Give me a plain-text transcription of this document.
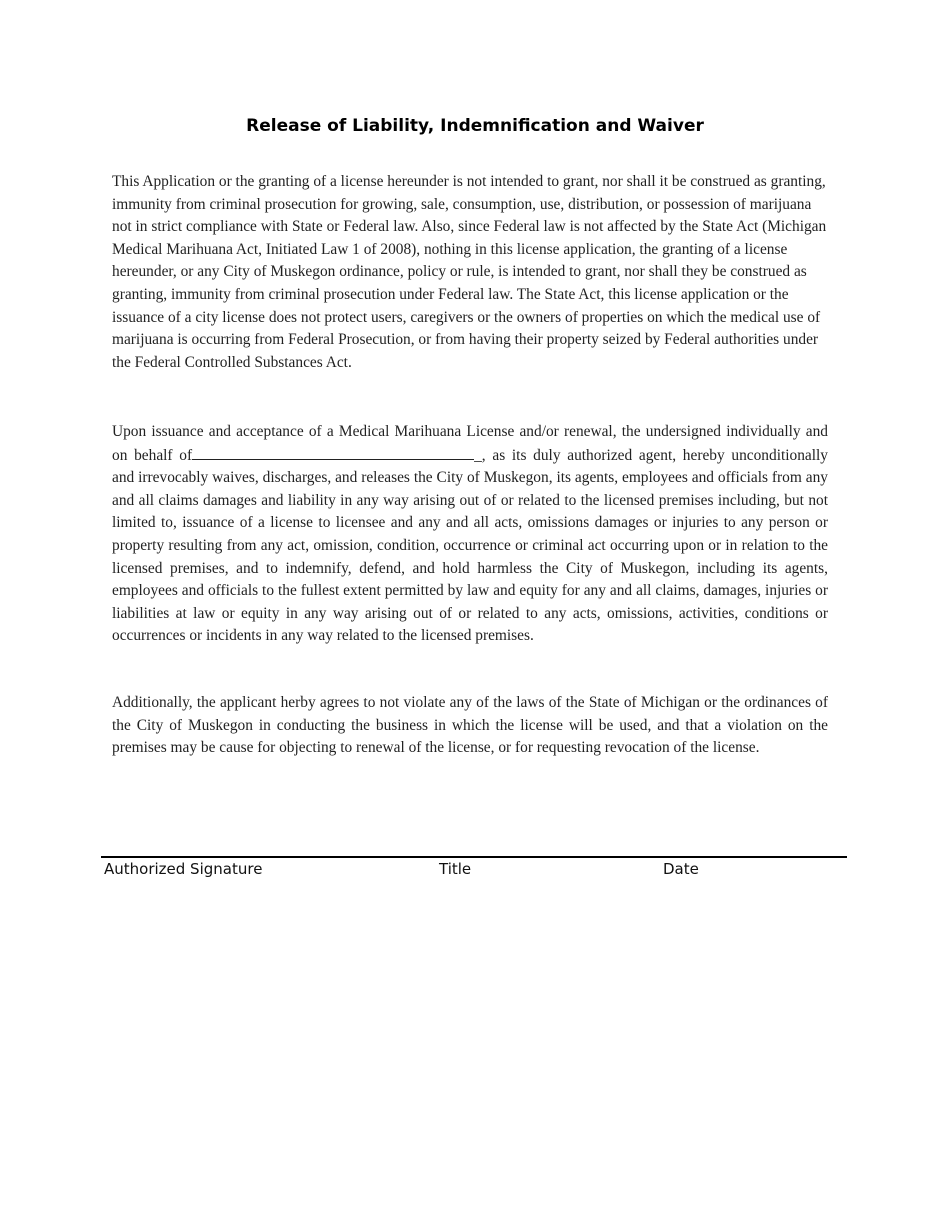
Release of Liability, Indemnification and Waiver

This Application or the granting of a license hereunder is not intended to grant, nor shall it be construed as granting, immunity from criminal prosecution for growing, sale, consumption, use, distribution, or possession of marijuana not in strict compliance with State or Federal law. Also, since Federal law is not affected by the State Act (Michigan Medical Marihuana Act, Initiated Law 1 of 2008), nothing in this license application, the granting of a license hereunder, or any City of Muskegon ordinance, policy or rule, is intended to grant, nor shall they be construed as granting, immunity from criminal prosecution under Federal law. The State Act, this license application or the issuance of a city license does not protect users, caregivers or the owners of properties on which the medical use of marijuana is occurring from Federal Prosecution, or from having their property seized by Federal authorities under the Federal Controlled Substances Act.

Upon issuance and acceptance of a Medical Marihuana License and/or renewal, the undersigned individually and on behalf of	_, as its duly authorized agent, hereby unconditionally and irrevocably waives, discharges, and releases the City of Muskegon, its agents, employees and officials from any and all claims damages and liability in any way arising out of or related to the licensed premises including, but not limited to, issuance of a license to licensee and any and all acts, omissions damages or injuries to any person or property resulting from any act, omission, condition, occurrence or criminal act occurring upon or in relation to the licensed premises, and to indemnify, defend, and hold harmless the City of Muskegon, including its agents, employees and officials to the fullest extent permitted by law and equity for any and all claims, damages, injuries or liabilities at law or equity in any way arising out of or related to any acts, omissions, activities, conditions or occurrences or incidents in any way related to the licensed premises.

Additionally, the applicant herby agrees to not violate any of the laws of the State of Michigan or the ordinances of the City of Muskegon in conducting the business in which the license will be used, and that a violation on the premises may be cause for objecting to renewal of the license, or for requesting revocation of the license.

Authorized Signature	Title	Date
